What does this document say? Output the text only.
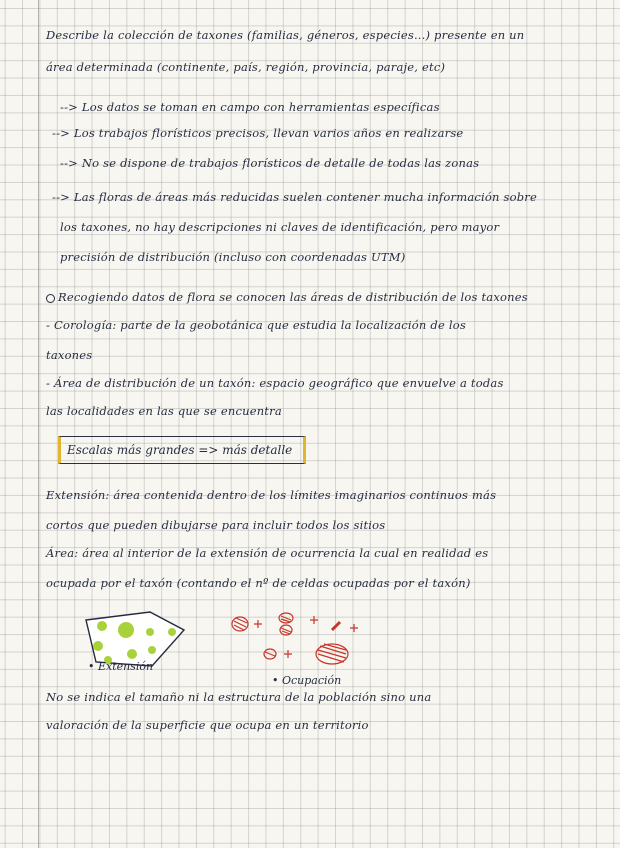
Describe la colección de taxones (familias, géneros, especies...) presente en un
área determinada (continente, país, región, provincia, paraje, etc)
--> Los datos se toman en campo con herramientas específicas
--> Los trabajos florísticos precisos, llevan varios años en realizarse
--> No se dispone de trabajos florísticos de detalle de todas las zonas
--> Las floras de áreas más reducidas suelen contener mucha información sobre
los taxones, no hay descripciones ni claves de identificación, pero mayor
precisión de distribución (incluso con coordenadas UTM)
Recogiendo datos de flora se conocen las áreas de distribución de los taxones
- Corología: parte de la geobotánica que estudia la localización de los
taxones
- Área de distribución de un taxón: espacio geográfico que envuelve a todas
las localidades en las que se encuentra
Escalas más grandes => más detalle
Extensión: área contenida dentro de los límites imaginarios continuos más
cortos que pueden dibujarse para incluir todos los sitios
Área: área al interior de la extensión de ocurrencia la cual en realidad es
ocupada por el taxón (contando el nº de celdas ocupadas por el taxón)
• Extensión
• Ocupación
No se indica el tamaño ni la estructura de la población sino una
valoración de la superficie que ocupa en un territorio
